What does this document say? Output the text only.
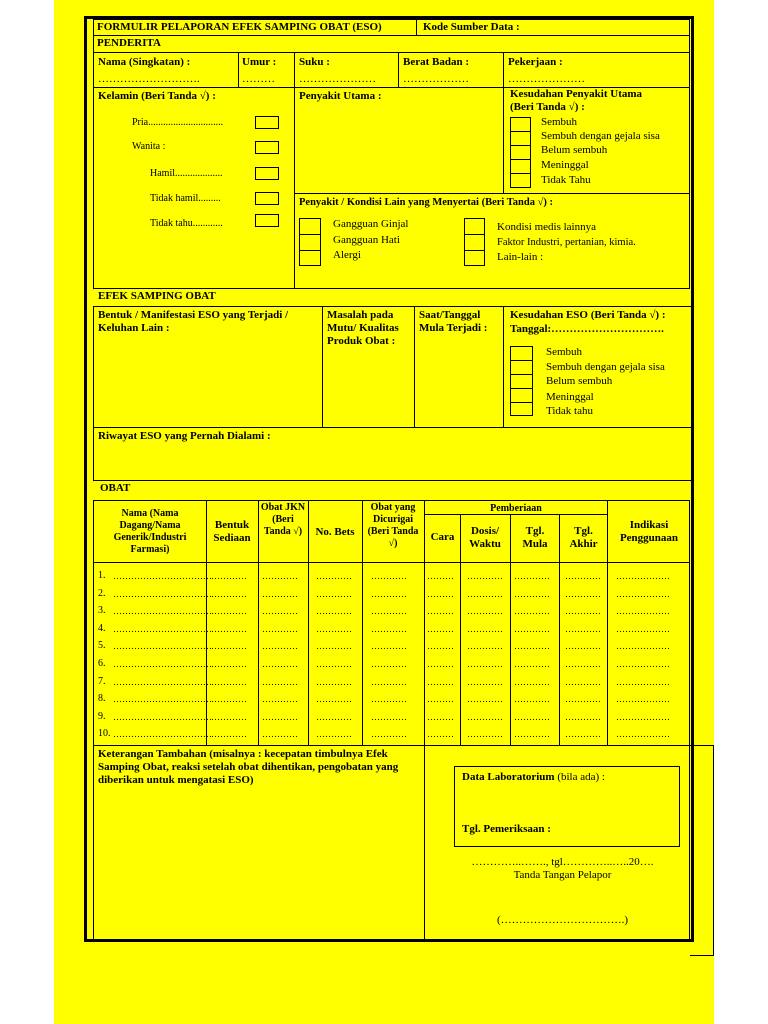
FORMULIR PELAPORAN EFEK SAMPING OBAT (ESO)	Kode Sumber Data :
PENDERITA
Nama (Singkatan) :
……………………….
Umur :
………
Suku :
…………………
Berat Badan :
………………
Pekerjaan :
…………………
Kelamin (Beri Tanda √) :
Pria..............................
Wanita :
Hamil...................
Tidak hamil.........
Tidak tahu............
Penyakit Utama :	Kesudahan Penyakit Utama
(Beri Tanda √) :
Sembuh
Sembuh dengan gejala sisa
Belum sembuh
Meninggal
Tidak Tahu
Penyakit / Kondisi Lain yang Menyertai (Beri Tanda √) :
Gangguan Ginjal
Gangguan Hati
Alergi
Kondisi medis lainnya
Faktor Industri, pertanian, kimia.
Lain-lain :
EFEK SAMPING OBAT
Bentuk / Manifestasi ESO yang Terjadi /
Keluhan Lain :
Masalah pada
Mutu/ Kualitas
Produk Obat :
Saat/Tanggal
Mula Terjadi :
Kesudahan ESO (Beri Tanda √) :
Tanggal:………………………….
Sembuh
Sembuh dengan gejala sisa
Belum sembuh
Meninggal
Tidak tahu
Riwayat ESO yang Pernah Dialami :
OBAT
Nama (Nama Dagang/Nama Generik/Industri Farmasi)
Bentuk Sediaan
Obat JKN (Beri Tanda √)	No. Bets
Obat yang Dicurigai (Beri Tanda √)
Pemberiaan
Cara	Dosis/ Waktu
Tgl. Mula
Tgl. Akhir
Indikasi Penggunaan
1. …………………………… ………… ………… ………… ………… ……… ………… ………… ………… ………………
2. …………………………… ………… ………… ………… ………… ……… ………… ………… ………… ………………
3. …………………………… ………… ………… ………… ………… ……… ………… ………… ………… ………………
4. …………………………… ………… ………… ………… ………… ……… ………… ………… ………… ………………
5. …………………………… ………… ………… ………… ………… ……… ………… ………… ………… ………………
6. …………………………… ………… ………… ………… ………… ……… ………… ………… ………… ………………
7. …………………………… ………… ………… ………… ………… ……… ………… ………… ………… ………………
8. …………………………… ………… ………… ………… ………… ……… ………… ………… ………… ………………
9. …………………………… ………… ………… ………… ………… ……… ………… ………… ………… ………………
10. …………………………… ………… ………… ………… ………… ……… ………… ………… ………… ………………
Keterangan Tambahan (misalnya : kecepatan timbulnya Efek Samping Obat, reaksi setelah obat dihentikan, pengobatan yang diberikan untuk mengatasi ESO)	Data Laboratorium (bila ada) :
Tgl. Pemeriksaan :
…………..……., tgl…………..…..20….
Tanda Tangan Pelapor
(…………………………….)
